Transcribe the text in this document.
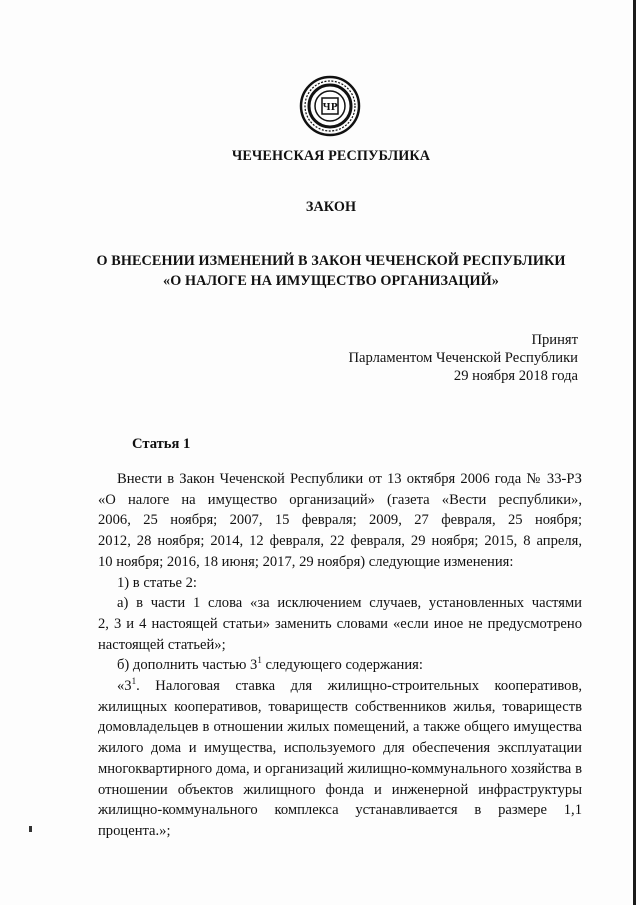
ЧР

ЧЕЧЕНСКАЯ РЕСПУБЛИКА

ЗАКОН

О ВНЕСЕНИИ ИЗМЕНЕНИЙ В ЗАКОН ЧЕЧЕНСКОЙ РЕСПУБЛИКИ
«О НАЛОГЕ НА ИМУЩЕСТВО ОРГАНИЗАЦИЙ»
Принят
Парламентом Чеченской Республики
29 ноября 2018 года

Статья 1

Внести в Закон Чеченской Республики от 13 октября 2006 года № 33-РЗ

«О налоге на имущество организаций» (газета «Вести республики»,

2006, 25 ноября; 2007, 15 февраля; 2009, 27 февраля, 25 ноября;

2012, 28 ноября; 2014, 12 февраля, 22 февраля, 29 ноября; 2015, 8 апреля,

10 ноября; 2016, 18 июня; 2017, 29 ноября) следующие изменения:

1) в статье 2:

а) в части 1 слова «за исключением случаев, установленных частями

2, 3 и 4 настоящей статьи» заменить словами «если иное не предусмотрено

настоящей статьей»;

б) дополнить частью $3^1$ следующего содержания:

«$3^1$. Налоговая ставка для жилищно-строительных кооперативов,

жилищных кооперативов, товариществ собственников жилья, товариществ

домовладельцев в отношении жилых помещений, а также общего имущества

жилого дома и имущества, используемого для обеспечения эксплуатации

многоквартирного дома, и организаций жилищно-коммунального хозяйства в

отношении объектов жилищного фонда и инженерной инфраструктуры

жилищно-коммунального комплекса устанавливается в размере 1,1

процента.»;
